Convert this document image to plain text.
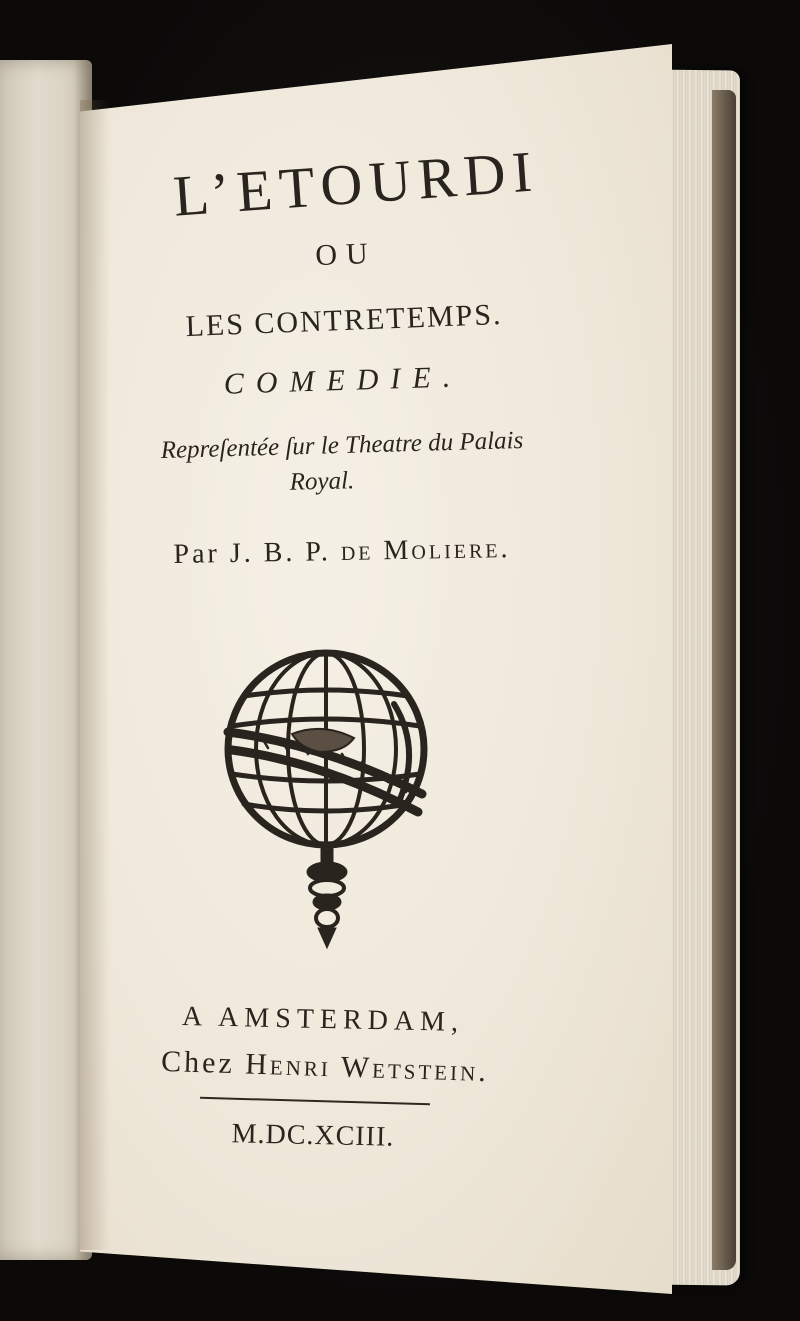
L’ETOURDI
OU
LES CONTRETEMPS.
COMEDIE.
Repreſentée ſur le Theatre du Palais
Royal.
Par J. B. P. de Moliere.
A AMSTERDAM,
Chez Henri Wetstein.
M.DC.XCIII.
